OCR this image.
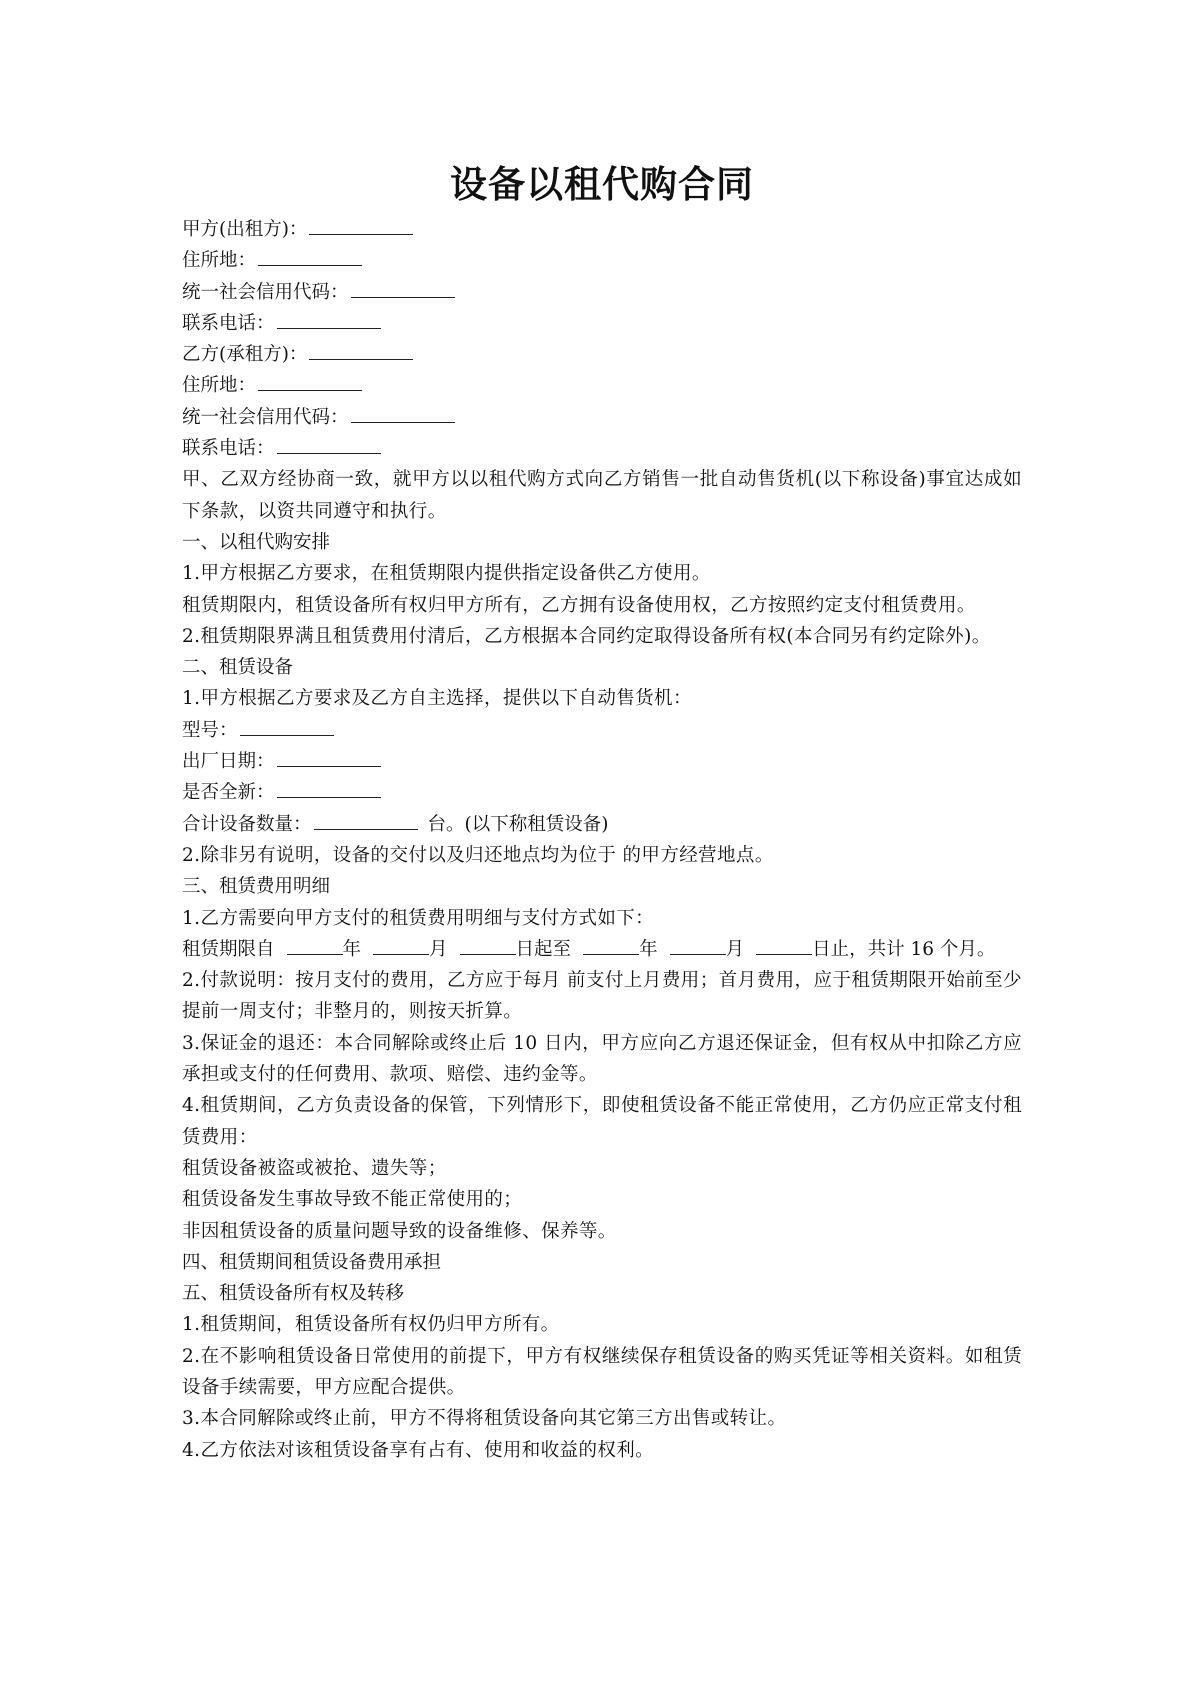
设备以租代购合同

甲方(出租方)：

住所地：

统一社会信用代码：

联系电话：

乙方(承租方)：

住所地：

统一社会信用代码：

联系电话：

甲、乙双方经协商一致，就甲方以以租代购方式向乙方销售一批自动售货机(以下称设备)事宜达成如下条款，以资共同遵守和执行。

一、以租代购安排

1.甲方根据乙方要求，在租赁期限内提供指定设备供乙方使用。

租赁期限内，租赁设备所有权归甲方所有，乙方拥有设备使用权，乙方按照约定支付租赁费用。

2.租赁期限界满且租赁费用付清后，乙方根据本合同约定取得设备所有权(本合同另有约定除外)。

二、租赁设备

1.甲方根据乙方要求及乙方自主选择，提供以下自动售货机：

型号：

出厂日期：

是否全新：

合计设备数量：	台。(以下称租赁设备)

2.除非另有说明，设备的交付以及归还地点均为位于 的甲方经营地点。

三、租赁费用明细

1.乙方需要向甲方支付的租赁费用明细与支付方式如下：

租赁期限自	年	月	日起至	年	月	日止，共计 16 个月。

2.付款说明：按月支付的费用，乙方应于每月 前支付上月费用；首月费用，应于租赁期限开始前至少提前一周支付；非整月的，则按天折算。

3.保证金的退还：本合同解除或终止后 10 日内，甲方应向乙方退还保证金，但有权从中扣除乙方应承担或支付的任何费用、款项、赔偿、违约金等。

4.租赁期间，乙方负责设备的保管，下列情形下，即使租赁设备不能正常使用，乙方仍应正常支付租赁费用：

租赁设备被盗或被抢、遗失等；

租赁设备发生事故导致不能正常使用的；

非因租赁设备的质量问题导致的设备维修、保养等。

四、租赁期间租赁设备费用承担

五、租赁设备所有权及转移

1.租赁期间，租赁设备所有权仍归甲方所有。

2.在不影响租赁设备日常使用的前提下，甲方有权继续保存租赁设备的购买凭证等相关资料。如租赁设备手续需要，甲方应配合提供。

3.本合同解除或终止前，甲方不得将租赁设备向其它第三方出售或转让。

4.乙方依法对该租赁设备享有占有、使用和收益的权利。
